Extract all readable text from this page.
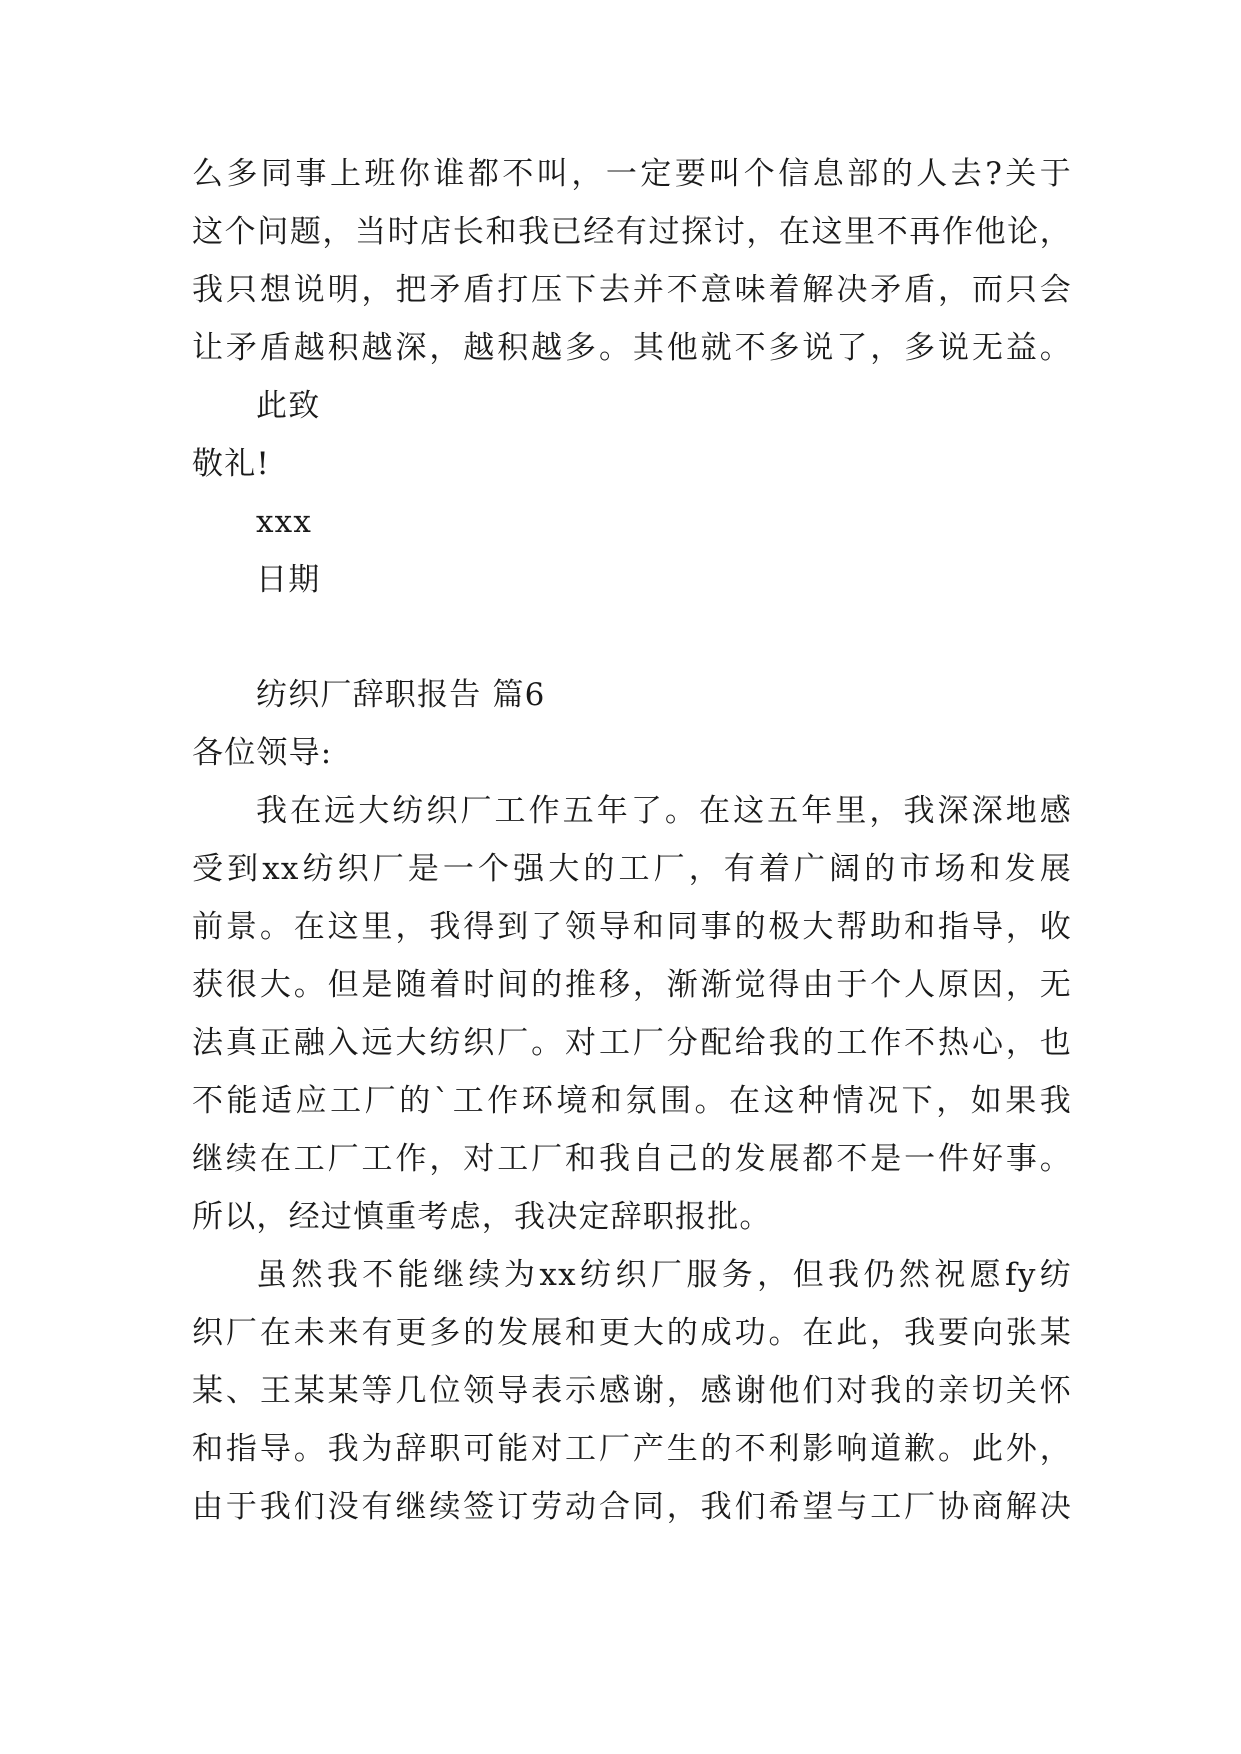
么多同事上班你谁都不叫，一定要叫个信息部的人去?关于
这个问题，当时店长和我已经有过探讨，在这里不再作他论，
我只想说明，把矛盾打压下去并不意味着解决矛盾，而只会
让矛盾越积越深，越积越多。其他就不多说了，多说无益。
此致
敬礼!
xxx
日期
纺织厂辞职报告 篇6
各位领导:
我在远大纺织厂工作五年了。在这五年里，我深深地感
受到xx纺织厂是一个强大的工厂，有着广阔的市场和发展
前景。在这里，我得到了领导和同事的极大帮助和指导，收
获很大。但是随着时间的推移，渐渐觉得由于个人原因，无
法真正融入远大纺织厂。对工厂分配给我的工作不热心，也
不能适应工厂的`工作环境和氛围。在这种情况下，如果我
继续在工厂工作，对工厂和我自己的发展都不是一件好事。
所以，经过慎重考虑，我决定辞职报批。
虽然我不能继续为xx纺织厂服务，但我仍然祝愿fy纺
织厂在未来有更多的发展和更大的成功。在此，我要向张某
某、王某某等几位领导表示感谢，感谢他们对我的亲切关怀
和指导。我为辞职可能对工厂产生的不利影响道歉。此外，
由于我们没有继续签订劳动合同，我们希望与工厂协商解决
